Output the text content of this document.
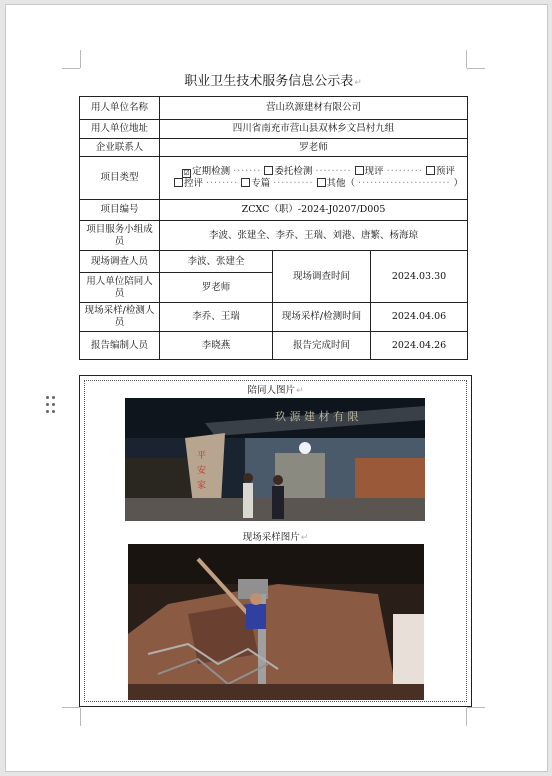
职业卫生技术服务信息公示表↵
用人单位名称	营山玖源建材有限公司		
用人单位地址	四川省南充市营山县双林乡文昌村九组		
企业联系人	罗老师		
项目类型	☑ 定期检测 ······· 委托检测 ········· 现评 ········· 预评
控评 ········ 专篇 ·········· 其他（ ······················· ）		

项目编号	ZCXC（职）-2024-J0207/D005		
项目服务小组成员	李波、张建全、李乔、王瑞、刘港、唐繁、杨海琼		
现场调查人员	李波、张建全	现场调查时间	2024.03.30
用人单位陪同人员	罗老师		
现场采样/检测人员	李乔、王瑞	现场采样/检测时间	2024.04.06
报告编制人员	李晓燕	报告完成时间	2024.04.26
陪同人图片↵
玖 源 建 材 有 限
平
安
家
现场采样图片↵
